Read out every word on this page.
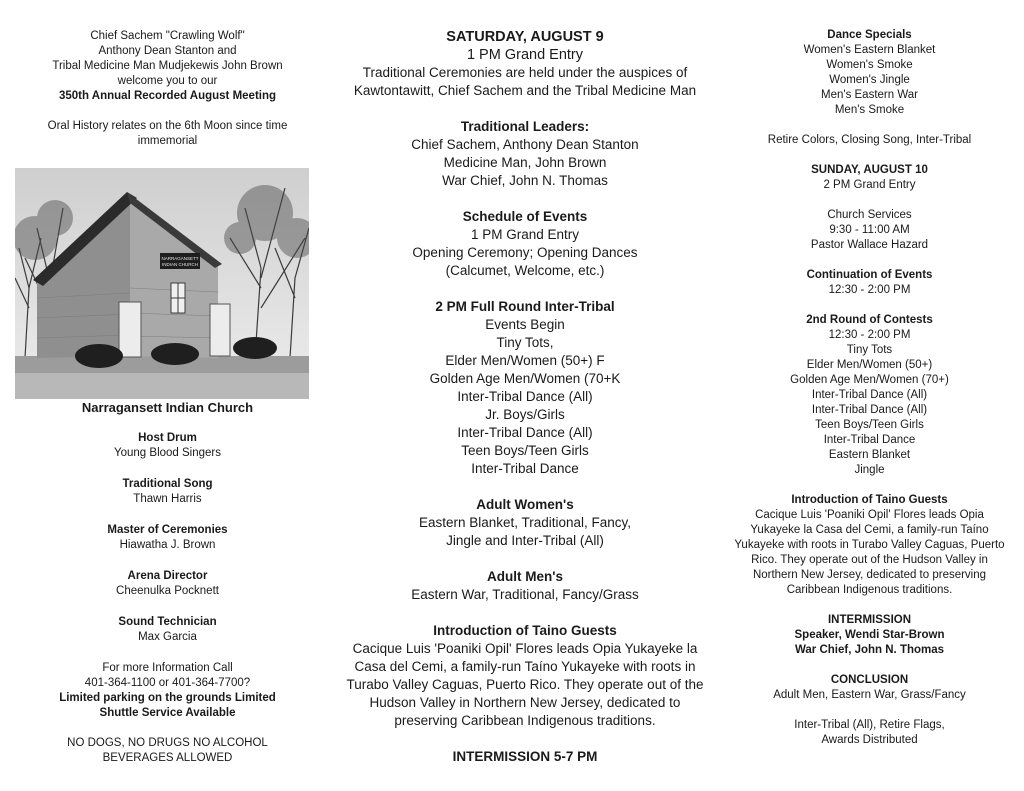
Chief Sachem "Crawling Wolf"
Anthony Dean Stanton and
Tribal Medicine Man Mudjekewis John Brown
welcome you to our
350th Annual Recorded August Meeting
Oral History relates on the 6th Moon since time
immemorial
NARRAGANSETT
INDIAN CHURCH
Narragansett Indian Church
Host Drum
Young Blood Singers
Traditional Song
Thawn Harris
Master of Ceremonies
Hiawatha J. Brown
Arena Director
Cheenulka Pocknett
Sound Technician
Max Garcia
For more Information Call
401-364-1100 or 401-364-7700?
Limited parking on the grounds Limited
Shuttle Service Available
NO DOGS, NO DRUGS NO ALCOHOL
BEVERAGES ALLOWED
SATURDAY, AUGUST 9
1 PM Grand Entry
Traditional Ceremonies are held under the auspices of
Kawtontawitt, Chief Sachem and the Tribal Medicine Man
Traditional Leaders:
Chief Sachem, Anthony Dean Stanton
Medicine Man, John Brown
War Chief, John N. Thomas
Schedule of Events
1 PM Grand Entry
Opening Ceremony; Opening Dances
(Calcumet, Welcome, etc.)
2 PM Full Round Inter-Tribal
Events Begin
Tiny Tots,
Elder Men/Women (50+) F
Golden Age Men/Women (70+K
Inter-Tribal Dance (All)
Jr. Boys/Girls
Inter-Tribal Dance (All)
Teen Boys/Teen Girls
Inter-Tribal Dance
Adult Women's
Eastern Blanket, Traditional, Fancy,
Jingle and Inter-Tribal (All)
Adult Men's
Eastern War, Traditional, Fancy/Grass
Introduction of Taino Guests
Cacique Luis 'Poaniki Opil' Flores leads Opia Yukayeke la
Casa del Cemi, a family-run Taíno Yukayeke with roots in
Turabo Valley Caguas, Puerto Rico. They operate out of the
Hudson Valley in Northern New Jersey, dedicated to
preserving Caribbean Indigenous traditions.
INTERMISSION 5-7 PM
Dance Specials
Women's Eastern Blanket
Women's Smoke
Women's Jingle
Men's Eastern War
Men's Smoke
Retire Colors, Closing Song, Inter-Tribal
SUNDAY, AUGUST 10
2 PM Grand Entry
Church Services
9:30 - 11:00 AM
Pastor Wallace Hazard
Continuation of Events
12:30 - 2:00 PM
2nd Round of Contests
12:30 - 2:00 PM
Tiny Tots
Elder Men/Women (50+)
Golden Age Men/Women (70+)
Inter-Tribal Dance (All)
Inter-Tribal Dance (All)
Teen Boys/Teen Girls
Inter-Tribal Dance
Eastern Blanket
Jingle
Introduction of Taino Guests
Cacique Luis 'Poaniki Opil' Flores leads Opia
Yukayeke la Casa del Cemi, a family-run Taíno
Yukayeke with roots in Turabo Valley Caguas, Puerto
Rico. They operate out of the Hudson Valley in
Northern New Jersey, dedicated to preserving
Caribbean Indigenous traditions.
INTERMISSION
Speaker, Wendi Star-Brown
War Chief, John N. Thomas
CONCLUSION
Adult Men, Eastern War, Grass/Fancy
Inter-Tribal (All), Retire Flags,
Awards Distributed
